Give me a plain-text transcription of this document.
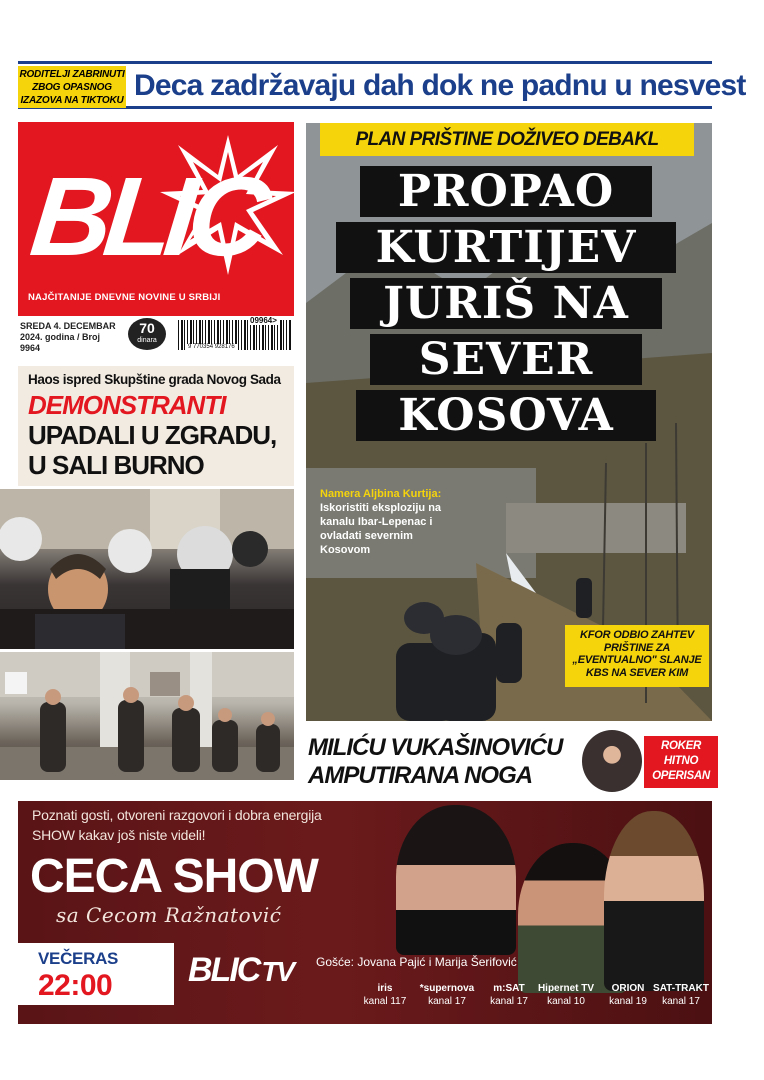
RODITELJI ZABRINUTI ZBOG OPASNOG IZAZOVA NA TIKTOKU Deca zadržavaju dah dok ne padnu u nesvest
BLIC
NAJČITANIJE DNEVNE NOVINE U SRBIJI
SREDA 4. DECEMBAR
2024. godina / Broj 9964
70
dinara
09964>
9 770354 928176
Haos ispred Skupštine grada Novog Sada
DEMONSTRANTI
UPADALI U ZGRADU,
U SALI BURNO
PLAN PRIŠTINE DOŽIVEO DEBAKL
PROPAO
KURTIJEV
JURIŠ NA
SEVER
KOSOVA
Namera Aljbina Kurtija:
Iskoristiti eksploziju na kanalu Ibar-Lepenac i ovladati severnim Kosovom
KFOR ODBIO ZAHTEV PRIŠTINE ZA „EVENTUALNO" SLANJE KBS NA SEVER KIM
MILIĆU VUKAŠINOVIĆU
AMPUTIRANA NOGA
ROKER HITNO OPERISAN
Poznati gosti, otvoreni razgovori i dobra energija
SHOW kakav još niste videli!
CECA SHOW
sa Cecom Ražnatović
VEČERAS
22:00 BLICTV Gošće: Jovana Pajić i Marija Šerifović
iris
kanal 117
*supernova
kanal 17
m:SAT
kanal 17
Hipernet TV
kanal 10
ORION
kanal 19
SAT-TRAKT
kanal 17
